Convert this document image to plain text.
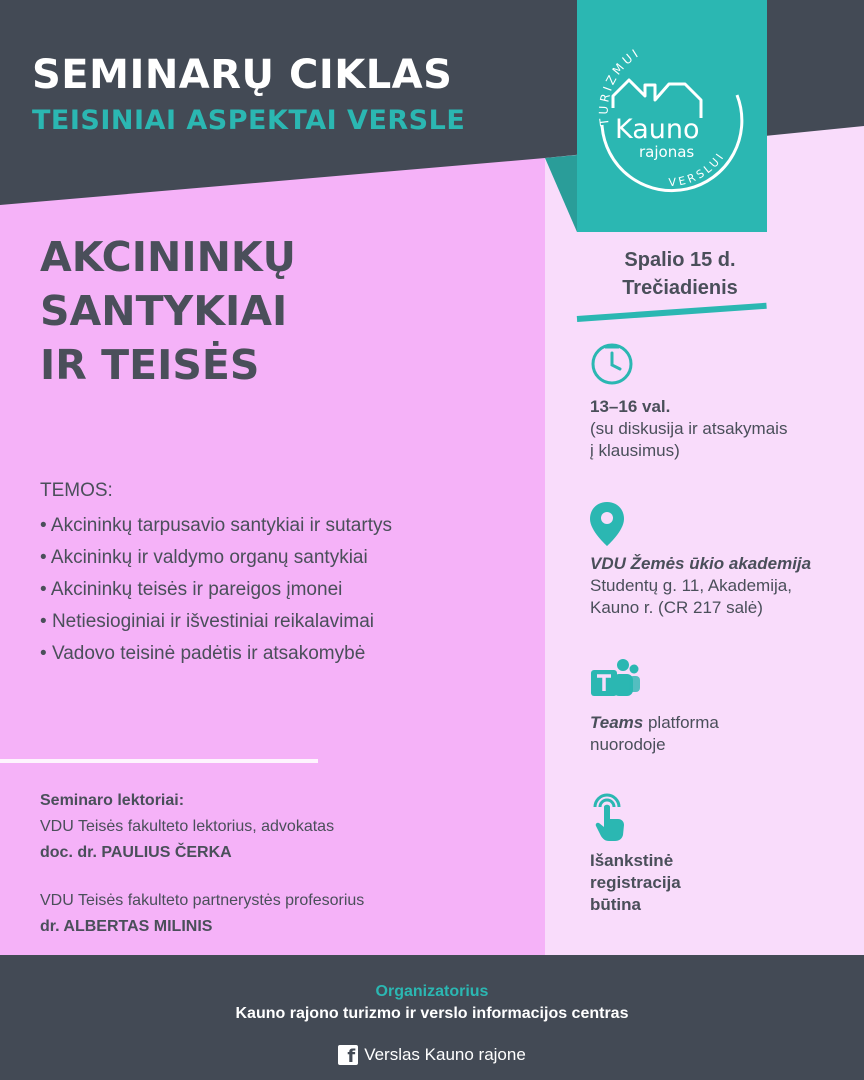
SEMINARŲ CIKLAS
TEISINIAI ASPEKTAI VERSLE	TURIZMUI
VERSLUI
Kauno
rajonas
AKCININKŲ
SANTYKIAI
IR TEISĖS
TEMOS:
• Akcininkų tarpusavio santykiai ir sutartys
• Akcininkų ir valdymo organų santykiai
• Akcininkų teisės ir pareigos įmonei
• Netiesioginiai ir išvestiniai reikalavimai
• Vadovo teisinė padėtis ir atsakomybė
Seminaro lektoriai:
VDU Teisės fakulteto lektorius, advokatas
doc. dr. PAULIUS ČERKA
VDU Teisės fakulteto partnerystės profesorius
dr. ALBERTAS MILINIS
Spalio 15 d.
Trečiadienis
13–16 val.
(su diskusija ir atsakymais
į klausimus)
VDU Žemės ūkio akademija
Studentų g. 11, Akademija,
Kauno r. (CR 217 salė)
Teams platforma
nuorodoje
Išankstinė
registracija
būtina
Organizatorius
Kauno rajono turizmo ir verslo informacijos centras
f
Verslas Kauno rajone
